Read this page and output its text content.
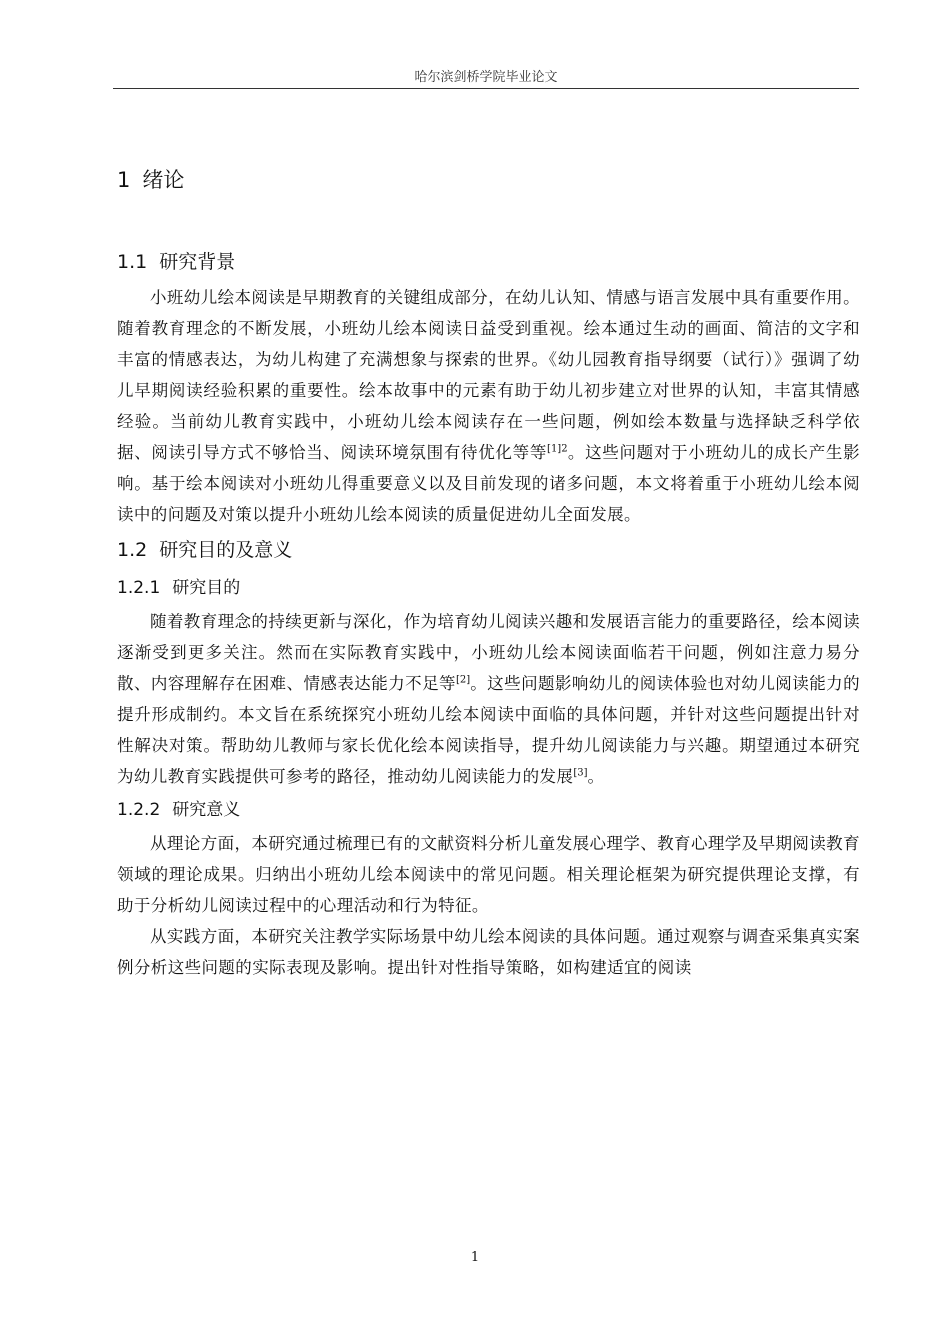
哈尔滨剑桥学院毕业论文
1 绪论
1.1 研究背景

小班幼儿绘本阅读是早期教育的关键组成部分，在幼儿认知、情感与语言发展中具有重要作用。随着教育理念的不断发展，小班幼儿绘本阅读日益受到重视。绘本通过生动的画面、简洁的文字和丰富的情感表达，为幼儿构建了充满想象与探索的世界。《幼儿园教育指导纲要（试行）》强调了幼儿早期阅读经验积累的重要性。绘本故事中的元素有助于幼儿初步建立对世界的认知，丰富其情感经验。当前幼儿教育实践中，小班幼儿绘本阅读存在一些问题，例如绘本数量与选择缺乏科学依据、阅读引导方式不够恰当、阅读环境氛围有待优化等等$^{[1]2}$。这些问题对于小班幼儿的成长产生影响。基于绘本阅读对小班幼儿得重要意义以及目前发现的诸多问题，本文将着重于小班幼儿绘本阅读中的问题及对策以提升小班幼儿绘本阅读的质量促进幼儿全面发展。

1.2 研究目的及意义
1.2.1 研究目的

随着教育理念的持续更新与深化，作为培育幼儿阅读兴趣和发展语言能力的重要路径，绘本阅读逐渐受到更多关注。然而在实际教育实践中，小班幼儿绘本阅读面临若干问题，例如注意力易分散、内容理解存在困难、情感表达能力不足等[2]。这些问题影响幼儿的阅读体验也对幼儿阅读能力的提升形成制约。本文旨在系统探究小班幼儿绘本阅读中面临的具体问题，并针对这些问题提出针对性解决对策。帮助幼儿教师与家长优化绘本阅读指导，提升幼儿阅读能力与兴趣。期望通过本研究为幼儿教育实践提供可参考的路径，推动幼儿阅读能力的发展[3]。

1.2.2 研究意义

从理论方面，本研究通过梳理已有的文献资料分析儿童发展心理学、教育心理学及早期阅读教育领域的理论成果。归纳出小班幼儿绘本阅读中的常见问题。相关理论框架为研究提供理论支撑，有助于分析幼儿阅读过程中的心理活动和行为特征。

从实践方面，本研究关注教学实际场景中幼儿绘本阅读的具体问题。通过观察与调查采集真实案例分析这些问题的实际表现及影响。提出针对性指导策略，如构建适宜的阅读

1
